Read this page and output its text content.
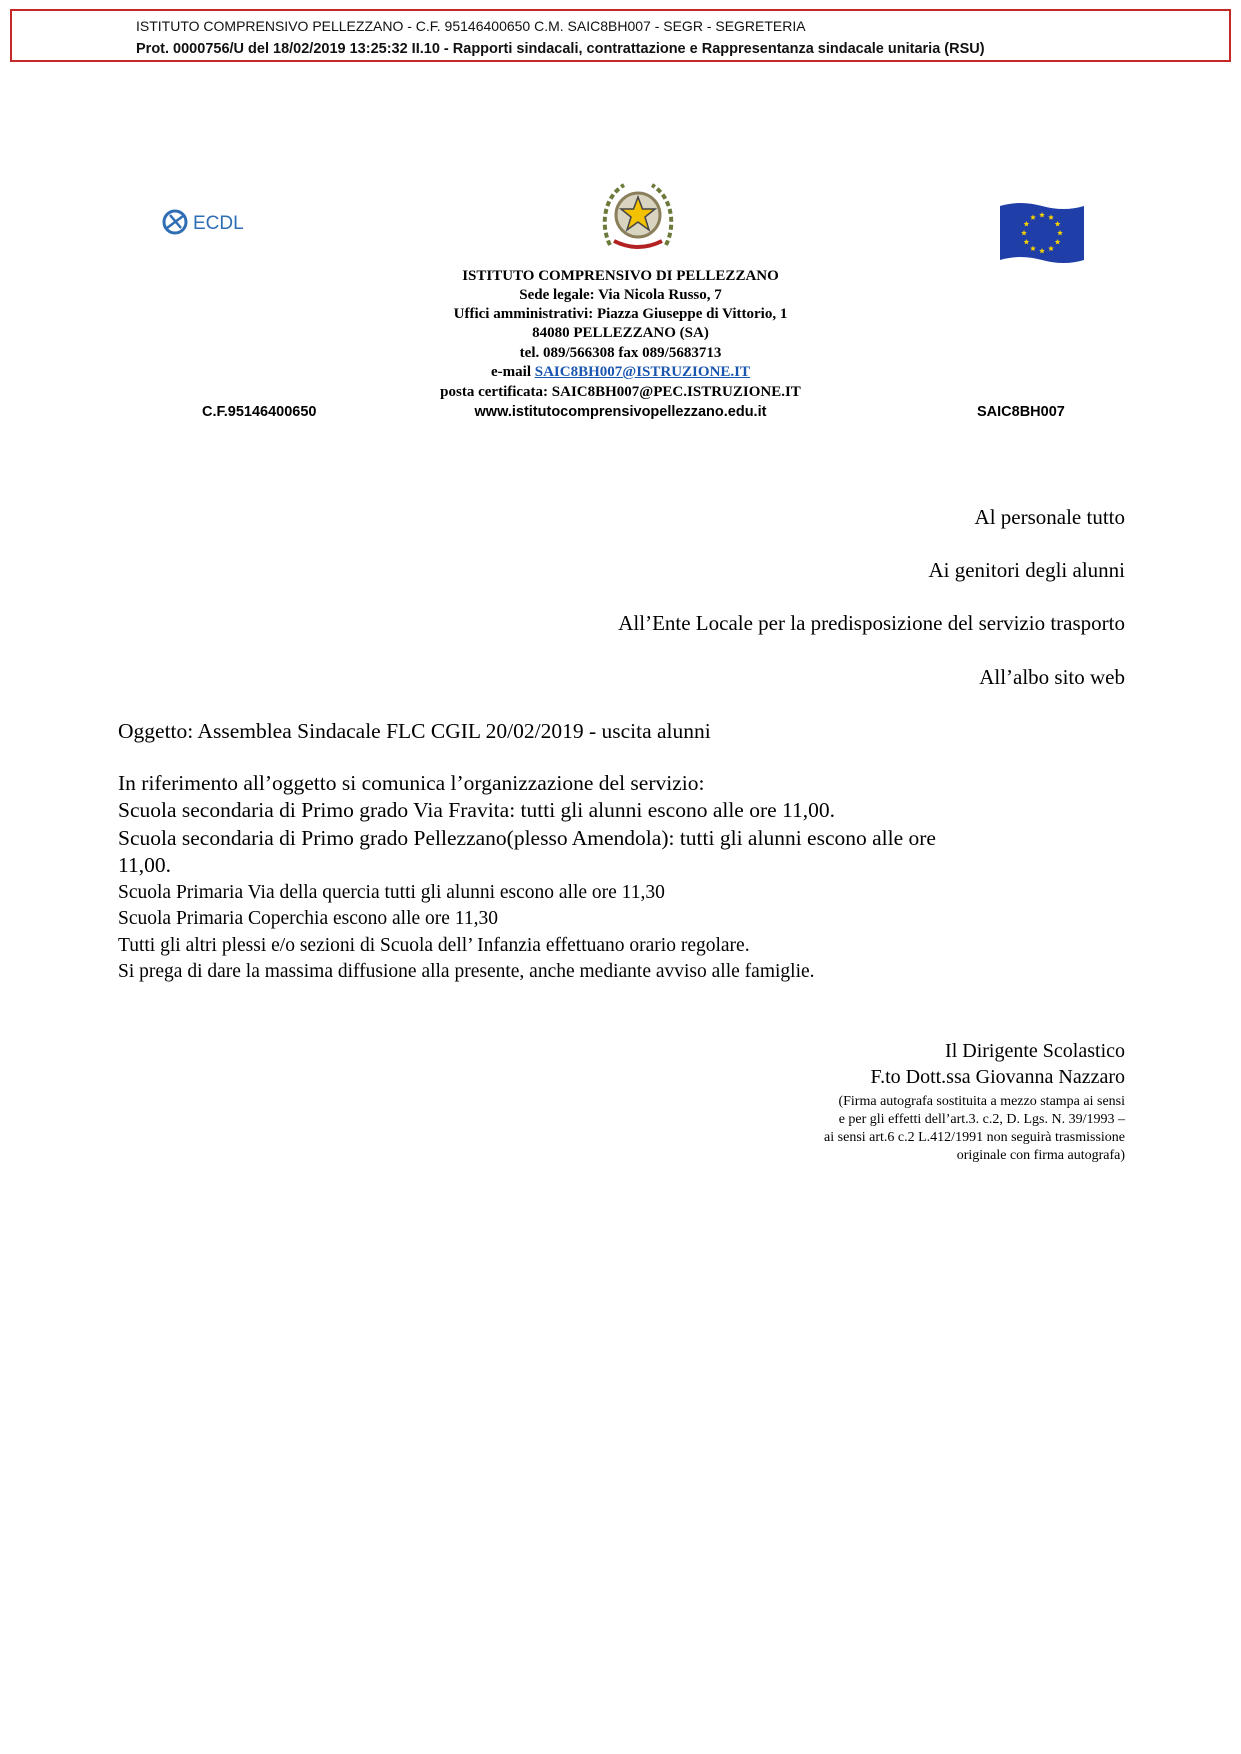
ISTITUTO COMPRENSIVO PELLEZZANO - C.F. 95146400650 C.M. SAIC8BH007 - SEGR - SEGRETERIA
Prot. 0000756/U del 18/02/2019 13:25:32 II.10 - Rapporti sindacali, contrattazione e Rappresentanza sindacale unitaria (RSU)
ECDL
ISTITUTO COMPRENSIVO DI PELLEZZANO
Sede legale: Via Nicola Russo, 7
Uffici amministrativi: Piazza Giuseppe di Vittorio, 1
84080 PELLEZZANO (SA)
tel. 089/566308 fax 089/5683713
e-mail SAIC8BH007@ISTRUZIONE.IT
posta certificata: SAIC8BH007@PEC.ISTRUZIONE.IT
C.F.95146400650	www.istitutocomprensivopellezzano.edu.it	SAIC8BH007
Al personale tutto
Ai genitori degli alunni
All’Ente Locale per la predisposizione del servizio trasporto
All’albo sito web
Oggetto: Assemblea Sindacale FLC CGIL 20/02/2019 - uscita alunni
In riferimento all’oggetto si comunica l’organizzazione del servizio:
Scuola secondaria di Primo grado Via Fravita: tutti gli alunni escono alle ore 11,00.
Scuola secondaria di Primo grado Pellezzano(plesso Amendola): tutti gli alunni escono alle ore
11,00.
Scuola Primaria Via della quercia tutti gli alunni escono alle ore 11,30
Scuola Primaria Coperchia escono alle ore 11,30
Tutti gli altri plessi e/o sezioni di Scuola dell’ Infanzia effettuano orario regolare.
Si prega di dare la massima diffusione alla presente, anche mediante avviso alle famiglie.
Il Dirigente Scolastico
F.to Dott.ssa Giovanna Nazzaro
(Firma autografa sostituita a mezzo stampa ai sensi
e per gli effetti dell’art.3. c.2, D. Lgs. N. 39/1993 –
ai sensi art.6 c.2 L.412/1991 non seguirà trasmissione
originale con firma autografa)
